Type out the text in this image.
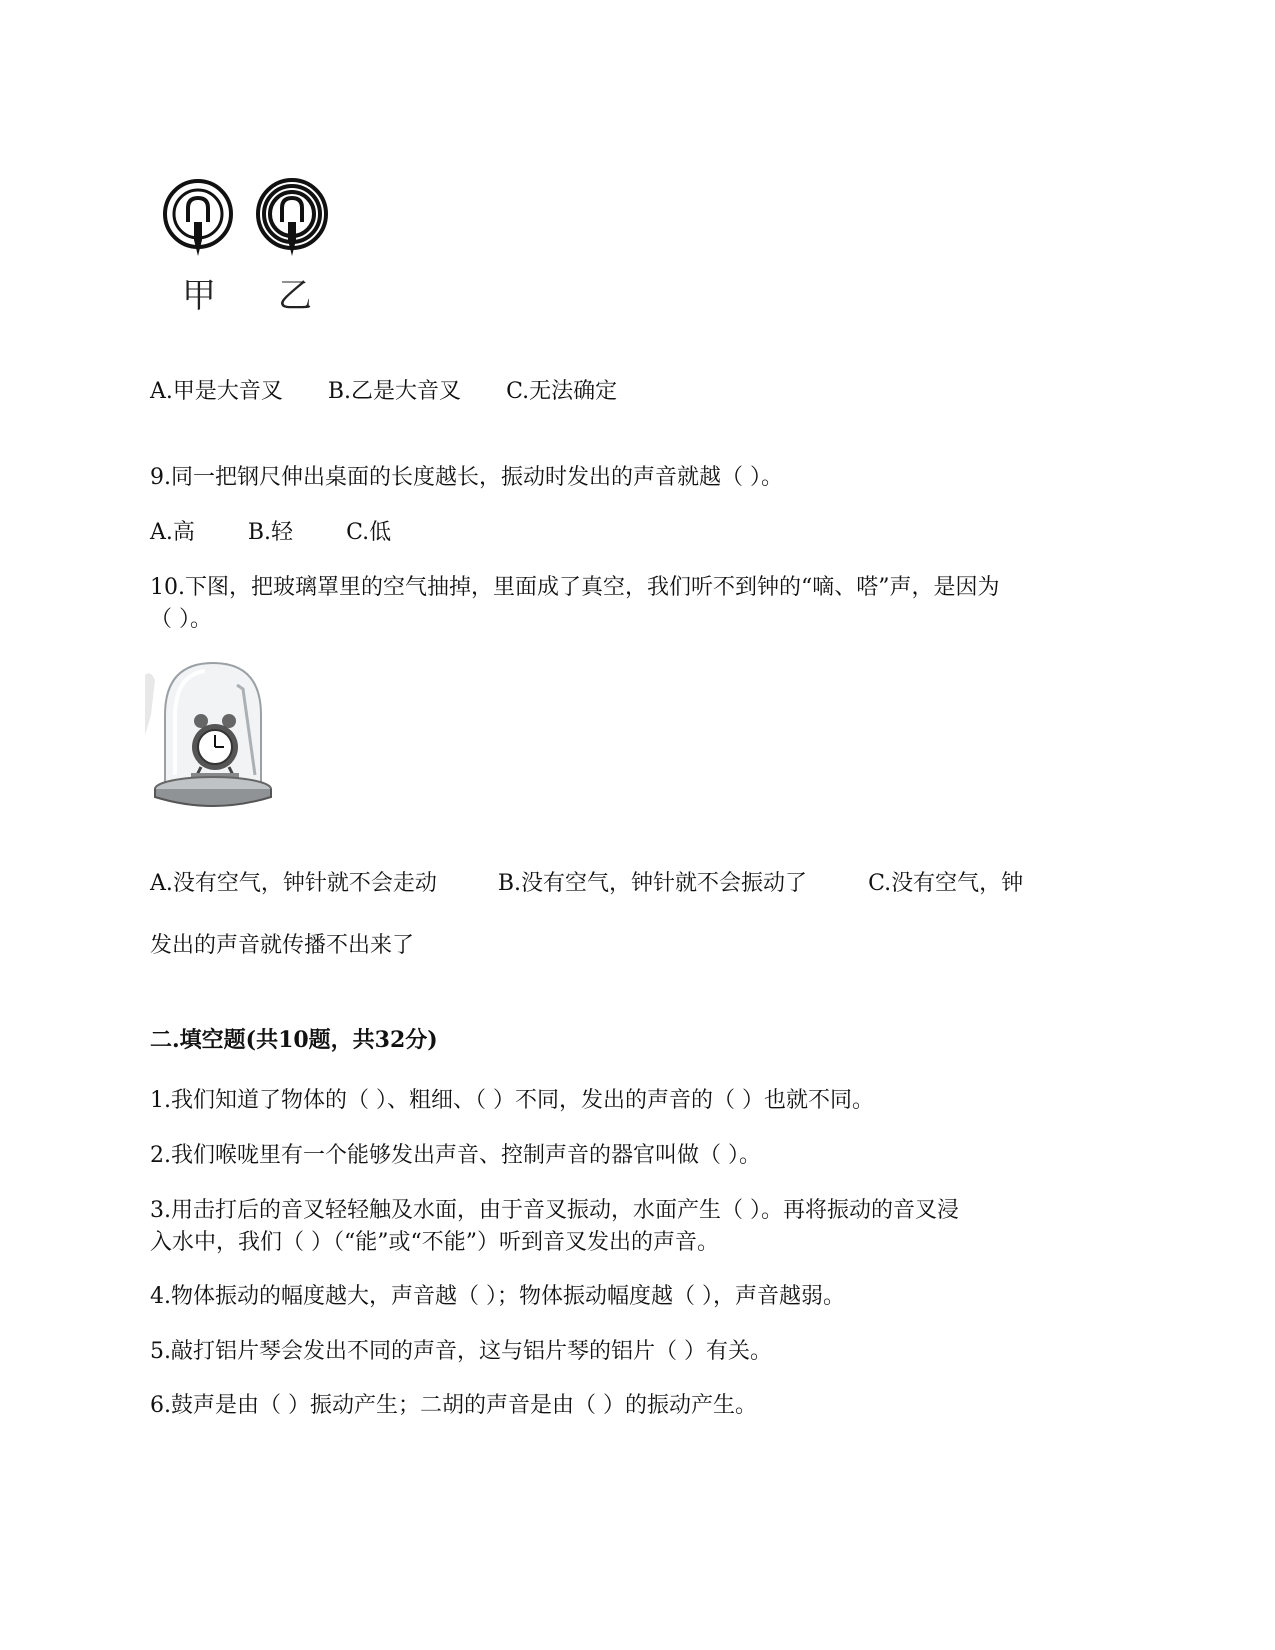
甲 乙
A.甲是大音叉 B.乙是大音叉 C.无法确定
9.同一把钢尺伸出桌面的长度越长，振动时发出的声音就越（ ）。
A.高 B.轻 C.低
10.下图，把玻璃罩里的空气抽掉，里面成了真空，我们听不到钟的“嘀、嗒”声，是因为
（ ）。
A.没有空气，钟针就不会走动	B.没有空气，钟针就不会振动了	C.没有空气，钟
发出的声音就传播不出来了
二.填空题(共10题，共32分)
1.我们知道了物体的（ ）、粗细、（ ）不同，发出的声音的（ ）也就不同。
2.我们喉咙里有一个能够发出声音、控制声音的器官叫做（ ）。
3.用击打后的音叉轻轻触及水面，由于音叉振动，水面产生（ ）。再将振动的音叉浸
入水中，我们（ ）（“能”或“不能”）听到音叉发出的声音。
4.物体振动的幅度越大，声音越（ ）；物体振动幅度越（ ），声音越弱。
5.敲打铝片琴会发出不同的声音，这与铝片琴的铝片（ ）有关。
6.鼓声是由（ ）振动产生；二胡的声音是由（ ）的振动产生。
